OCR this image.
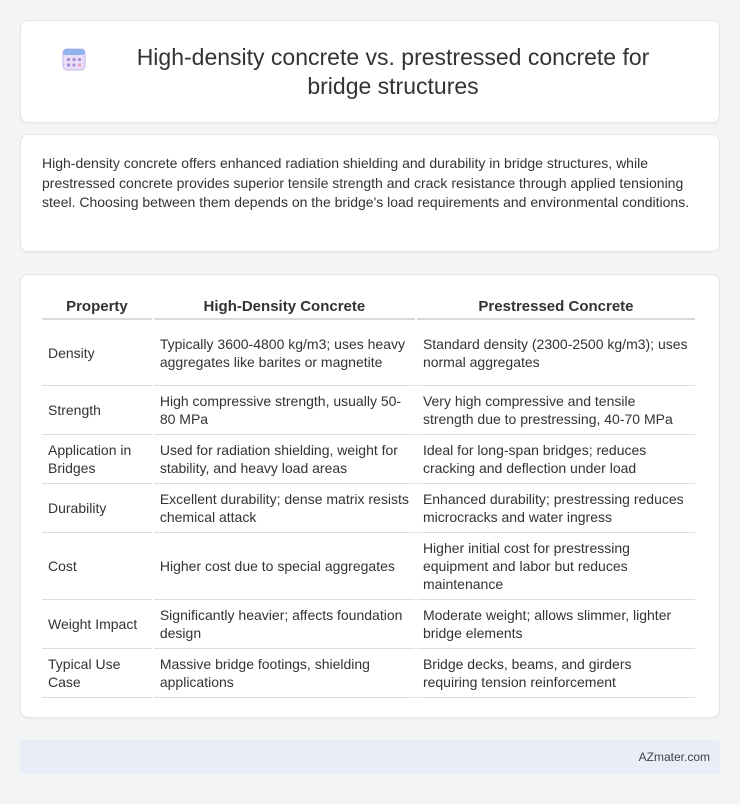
High-density concrete vs. prestressed concrete for bridge structures

High-density concrete offers enhanced radiation shielding and durability in bridge structures, while prestressed concrete provides superior tensile strength and crack resistance through applied tensioning steel. Choosing between them depends on the bridge's load requirements and environmental conditions.

Property	High-Density Concrete	Prestressed Concrete
Density	Typically 3600-4800 kg/m3; uses heavy aggregates like barites or magnetite	Standard density (2300-2500 kg/m3); uses normal aggregates
Strength	High compressive strength, usually 50-80 MPa	Very high compressive and tensile strength due to prestressing, 40-70 MPa
Application in Bridges	Used for radiation shielding, weight for stability, and heavy load areas	Ideal for long-span bridges; reduces cracking and deflection under load
Durability	Excellent durability; dense matrix resists chemical attack	Enhanced durability; prestressing reduces microcracks and water ingress
Cost	Higher cost due to special aggregates	Higher initial cost for prestressing equipment and labor but reduces maintenance
Weight Impact	Significantly heavier; affects foundation design	Moderate weight; allows slimmer, lighter bridge elements
Typical Use Case	Massive bridge footings, shielding applications	Bridge decks, beams, and girders requiring tension reinforcement
AZmater.com
